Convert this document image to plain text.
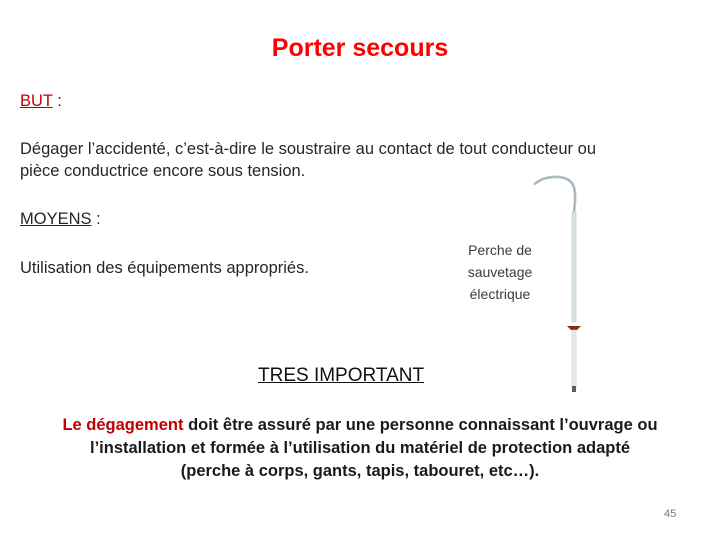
Porter secours
BUT :
Dégager l’accidenté, c’est-à-dire le soustraire au contact de tout conducteur ou
pièce conductrice encore sous tension.
MOYENS :
Utilisation des équipements appropriés.
Perche de
sauvetage
électrique
TRES IMPORTANT
Le dégagement doit être assuré par une personne connaissant l’ouvrage ou
l’installation et formée à l’utilisation du matériel de protection adapté
(perche à corps, gants, tapis, tabouret, etc…).
45
